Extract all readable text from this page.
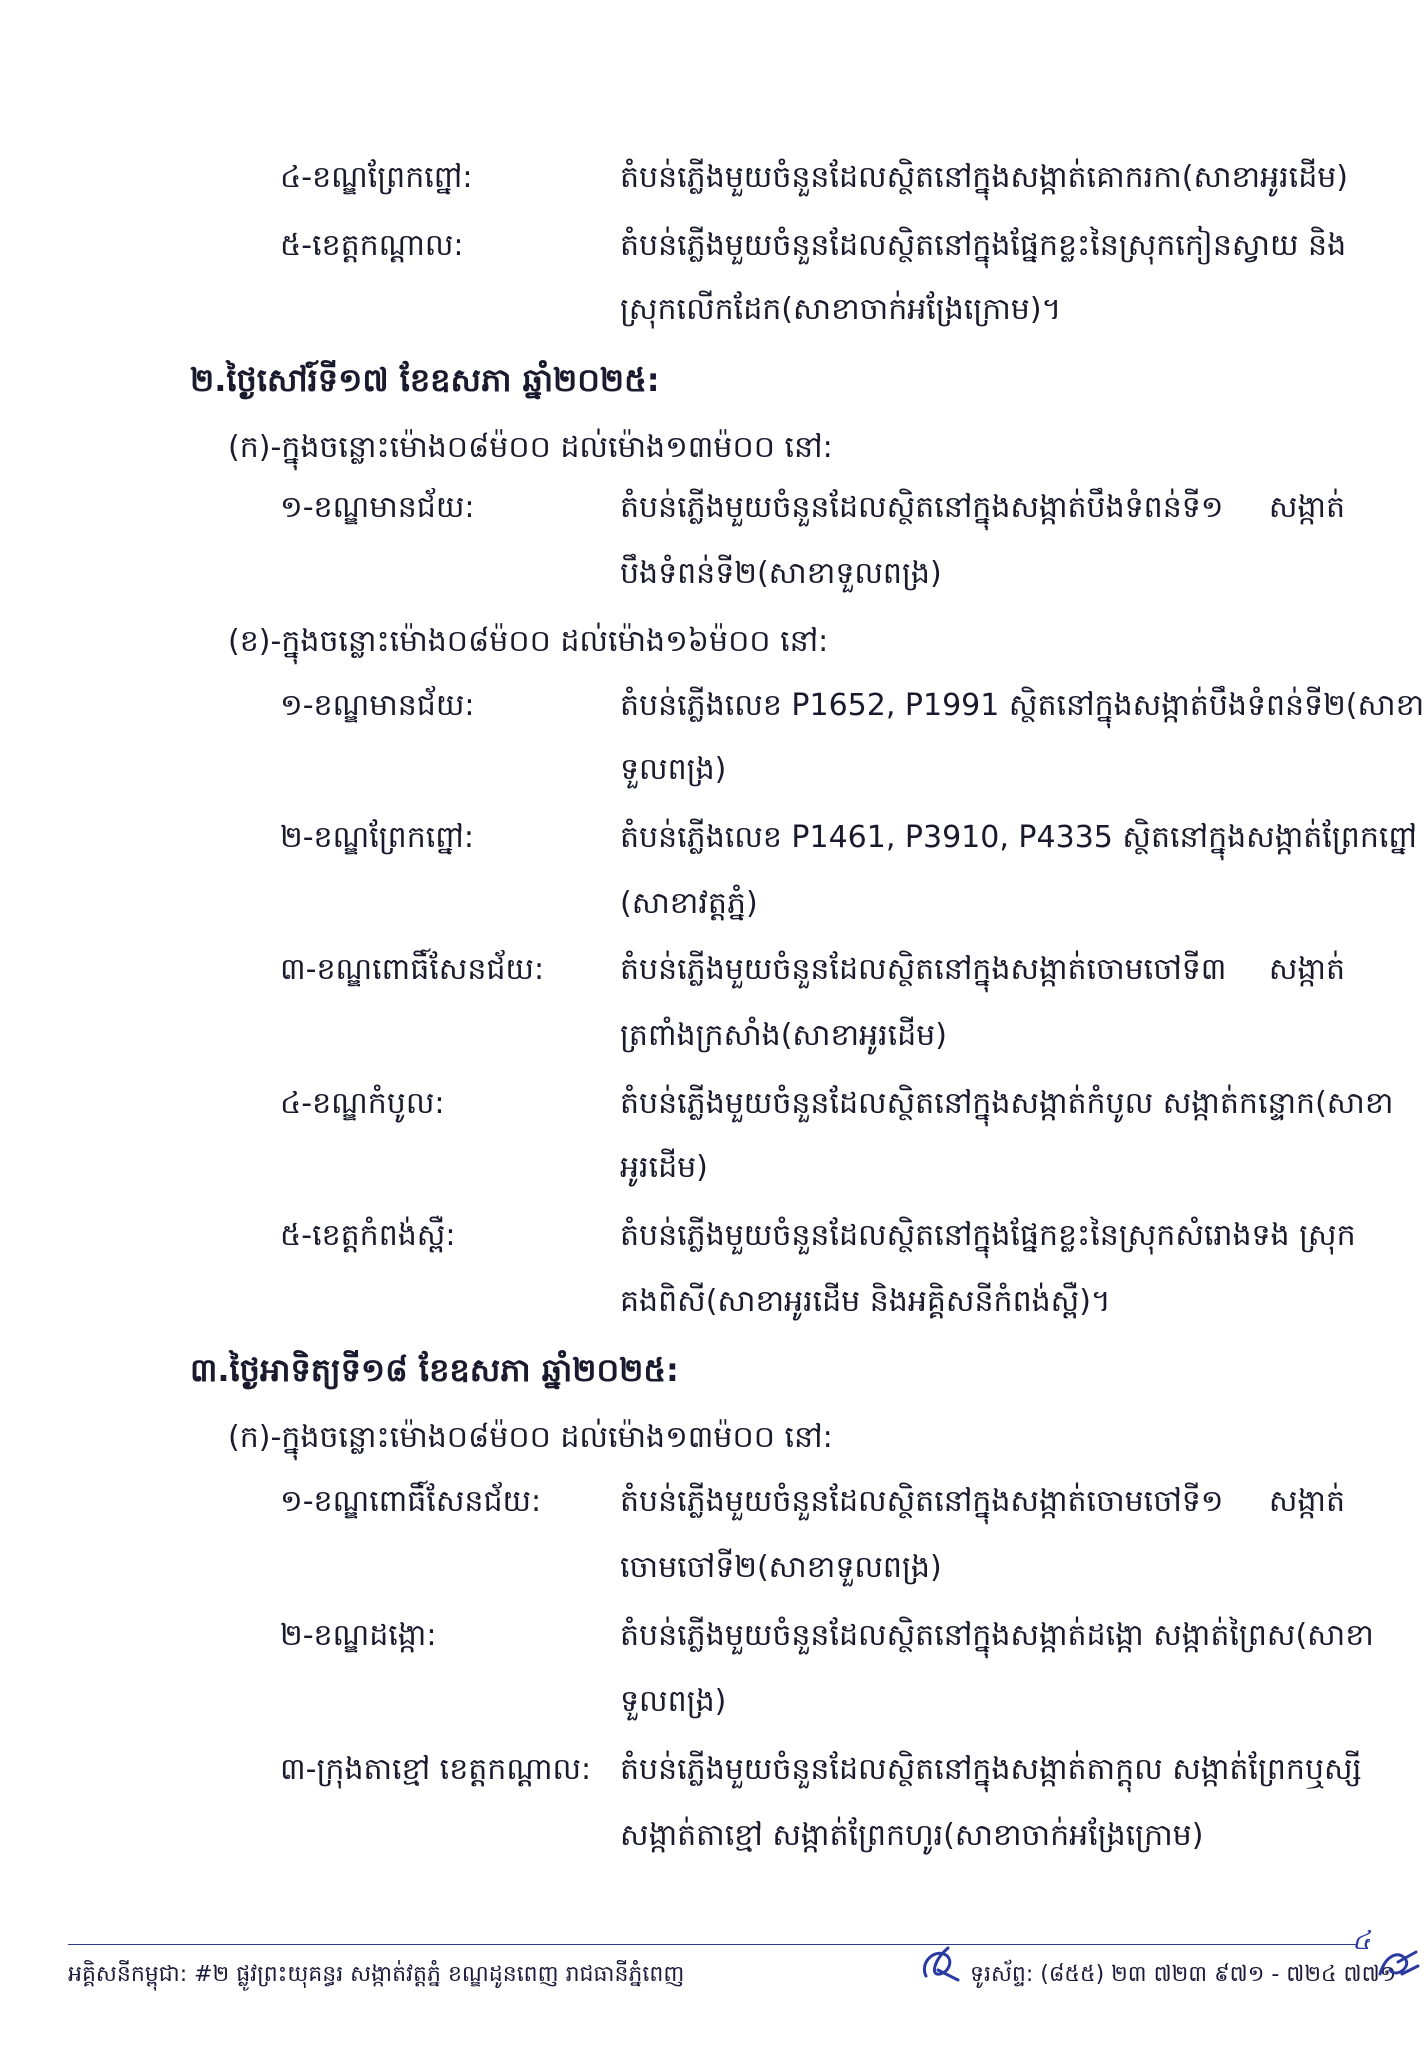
៤-ខណ្ឌព្រែកព្នៅ:	តំបន់ភ្លើងមួយចំនួនដែលស្ថិតនៅក្នុងសង្កាត់គោករកា(សាខាអូរដើម)
៥-ខេត្តកណ្តាល:	តំបន់ភ្លើងមួយចំនួនដែលស្ថិតនៅក្នុងផ្នែកខ្លះនៃស្រុកកៀនស្វាយ និង
ស្រុកលើកដែក(សាខាចាក់អង្រែក្រោម)។
២.ថ្ងៃសៅរ៍ទី១៧ ខែឧសភា ឆ្នាំ២០២៥:
(ក)-ក្នុងចន្លោះម៉ោង០៨ម៉០០ ដល់ម៉ោង១៣ម៉០០ នៅ:
១-ខណ្ឌមានជ័យ:	តំបន់ភ្លើងមួយចំនួនដែលស្ថិតនៅក្នុងសង្កាត់បឹងទំពន់ទី១ សង្កាត់
បឹងទំពន់ទី២(សាខាទួលពង្រ)
(ខ)-ក្នុងចន្លោះម៉ោង០៨ម៉០០ ដល់ម៉ោង១៦ម៉០០ នៅ:
១-ខណ្ឌមានជ័យ:	តំបន់ភ្លើងលេខ P1652, P1991 ស្ថិតនៅក្នុងសង្កាត់បឹងទំពន់ទី២(សាខា
ទួលពង្រ)
២-ខណ្ឌព្រែកព្នៅ:	តំបន់ភ្លើងលេខ P1461, P3910, P4335 ស្ថិតនៅក្នុងសង្កាត់ព្រែកព្នៅ
(សាខាវត្តភ្នំ)
៣-ខណ្ឌពោធិ៍សែនជ័យ:	តំបន់ភ្លើងមួយចំនួនដែលស្ថិតនៅក្នុងសង្កាត់ចោមចៅទី៣ សង្កាត់
ត្រពាំងក្រសាំង(សាខាអូរដើម)
៤-ខណ្ឌកំបូល:	តំបន់ភ្លើងមួយចំនួនដែលស្ថិតនៅក្នុងសង្កាត់កំបូល សង្កាត់កន្ទោក(សាខា
អូរដើម)
៥-ខេត្តកំពង់ស្ពឺ:	តំបន់ភ្លើងមួយចំនួនដែលស្ថិតនៅក្នុងផ្នែកខ្លះនៃស្រុកសំរោងទង ស្រុក
គងពិសី(សាខាអូរដើម និងអគ្គិសនីកំពង់ស្ពឺ)។
៣.ថ្ងៃអាទិត្យទី១៨ ខែឧសភា ឆ្នាំ២០២៥:
(ក)-ក្នុងចន្លោះម៉ោង០៨ម៉០០ ដល់ម៉ោង១៣ម៉០០ នៅ:
១-ខណ្ឌពោធិ៍សែនជ័យ:	តំបន់ភ្លើងមួយចំនួនដែលស្ថិតនៅក្នុងសង្កាត់ចោមចៅទី១ សង្កាត់
ចោមចៅទី២(សាខាទួលពង្រ)
២-ខណ្ឌដង្កោ:	តំបន់ភ្លើងមួយចំនួនដែលស្ថិតនៅក្នុងសង្កាត់ដង្កោ សង្កាត់ព្រៃស(សាខា
ទួលពង្រ)
៣-ក្រុងតាខ្មៅ ខេត្តកណ្ដាល: តំបន់ភ្លើងមួយចំនួនដែលស្ថិតនៅក្នុងសង្កាត់តាក្ដុល សង្កាត់ព្រែកឬស្សី
សង្កាត់តាខ្មៅ សង្កាត់ព្រែកហូរ(សាខាចាក់អង្រែក្រោម)
៤
អគ្គិសនីកម្ពុជា: #២ ផ្លូវព្រះយុគន្ធរ សង្កាត់វត្តភ្នំ ខណ្ឌដូនពេញ រាជធានីភ្នំពេញ	ទូរស័ព្ទ: (៨៥៥) ២៣ ៧២៣ ៩៧១ - ៧២៤ ៧៧១
